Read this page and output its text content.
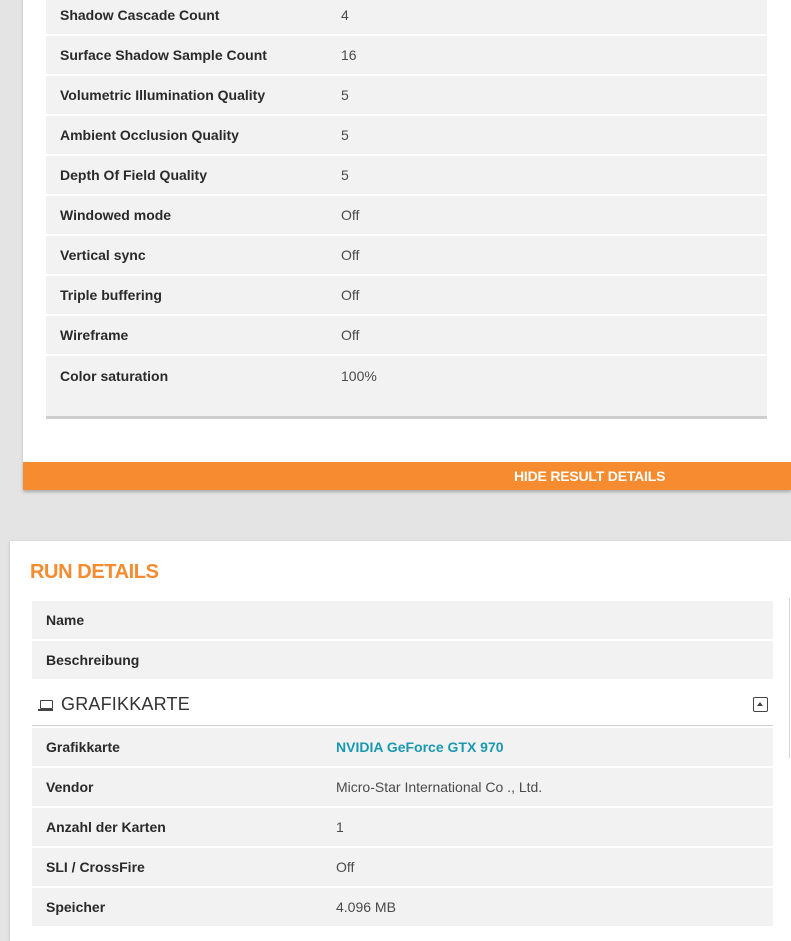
Shadow Cascade Count	4
Surface Shadow Sample Count	16
Volumetric Illumination Quality	5
Ambient Occlusion Quality	5
Depth Of Field Quality	5
Windowed mode	Off
Vertical sync	Off
Triple buffering	Off
Wireframe	Off
Color saturation	100%
HIDE RESULT DETAILS
RUN DETAILS
Name
Beschreibung
GRAFIKKARTE
Grafikkarte	NVIDIA GeForce GTX 970
Vendor	Micro-Star International Co ., Ltd.
Anzahl der Karten	1
SLI / CrossFire	Off
Speicher	4.096 MB
